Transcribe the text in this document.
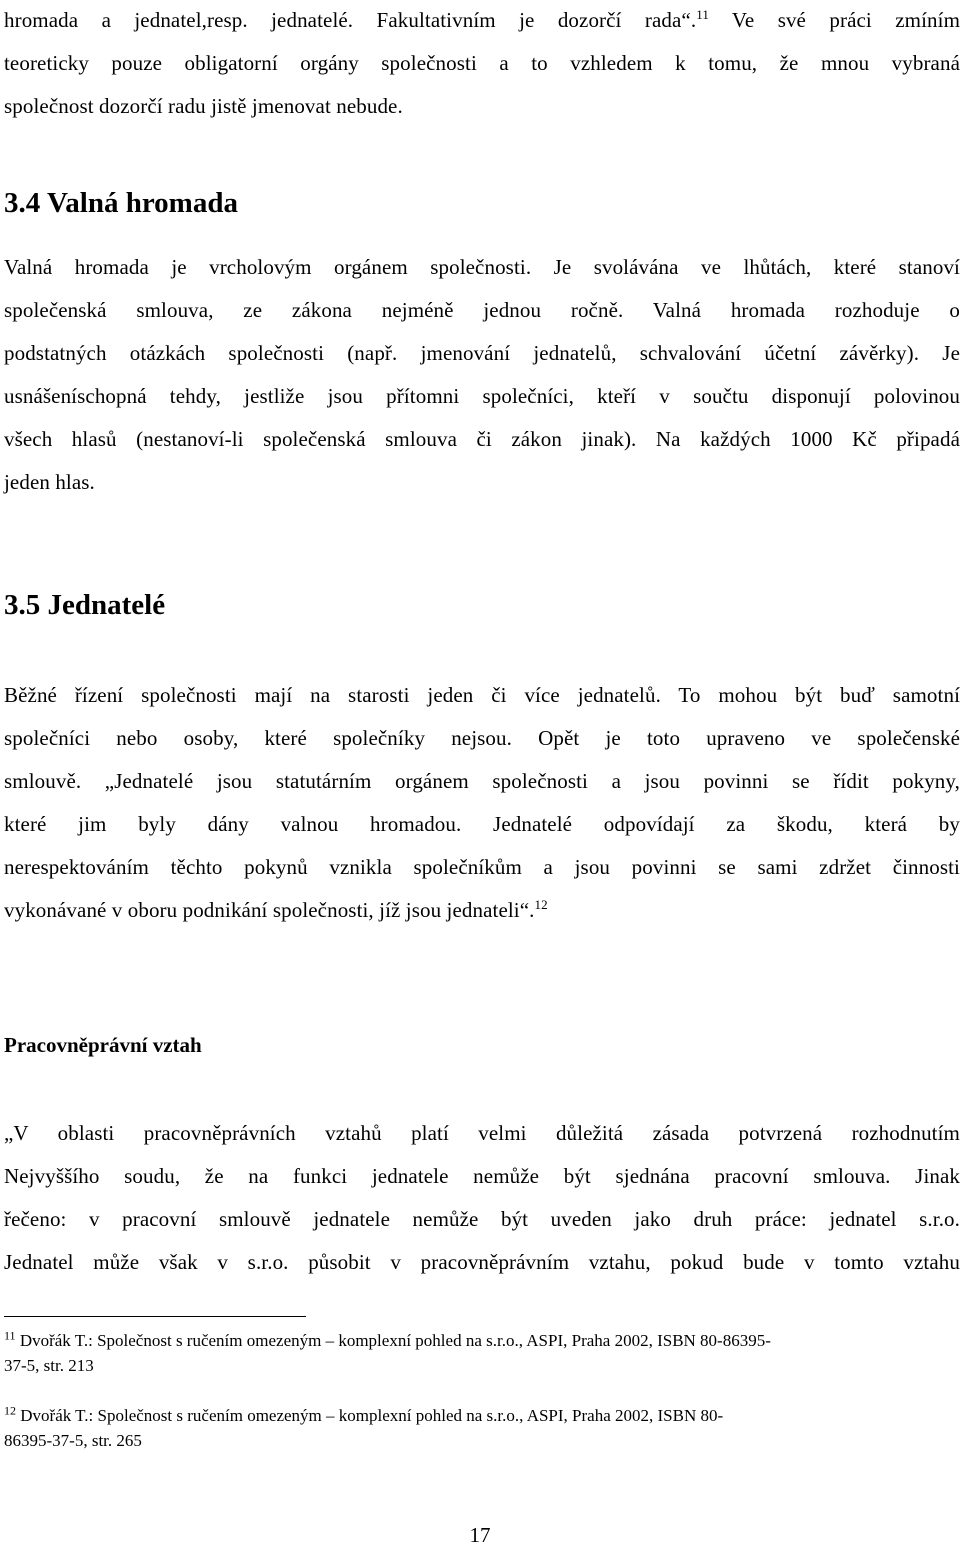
hromada a jednatel,resp. jednatelé. Fakultativním je dozorčí rada“.$^{11}$ Ve své práci zmíním
teoreticky pouze obligatorní orgány společnosti a to vzhledem k tomu, že mnou vybraná
společnost dozorčí radu jistě jmenovat nebude.
3.4 Valná hromada
Valná hromada je vrcholovým orgánem společnosti. Je svolávána ve lhůtách, které stanoví
společenská smlouva, ze zákona nejméně jednou ročně. Valná hromada rozhoduje o
podstatných otázkách společnosti (např. jmenování jednatelů, schvalování účetní závěrky). Je
usnášeníschopná tehdy, jestliže jsou přítomni společníci, kteří v součtu disponují polovinou
všech hlasů (nestanoví-li společenská smlouva či zákon jinak). Na každých 1000 Kč připadá
jeden hlas.
3.5 Jednatelé
Běžné řízení společnosti mají na starosti jeden či více jednatelů. To mohou být buď samotní
společníci nebo osoby, které společníky nejsou. Opět je toto upraveno ve společenské
smlouvě. „Jednatelé jsou statutárním orgánem společnosti a jsou povinni se řídit pokyny,
které jim byly dány valnou hromadou. Jednatelé odpovídají za škodu, která by
nerespektováním těchto pokynů vznikla společníkům a jsou povinni se sami zdržet činnosti
vykonávané v oboru podnikání společnosti, jíž jsou jednateli“.$^{12}$
Pracovněprávní vztah
„V oblasti pracovněprávních vztahů platí velmi důležitá zásada potvrzená rozhodnutím
Nejvyššího soudu, že na funkci jednatele nemůže být sjednána pracovní smlouva. Jinak
řečeno: v pracovní smlouvě jednatele nemůže být uveden jako druh práce: jednatel s.r.o.
Jednatel může však v s.r.o. působit v pracovněprávním vztahu, pokud bude v tomto vztahu
$^{11}$ Dvořák T.: Společnost s ručením omezeným – komplexní pohled na s.r.o., ASPI, Praha 2002, ISBN 80-86395-
37-5, str. 213
$^{12}$ Dvořák T.: Společnost s ručením omezeným – komplexní pohled na s.r.o., ASPI, Praha 2002, ISBN 80-
86395-37-5, str. 265
17
